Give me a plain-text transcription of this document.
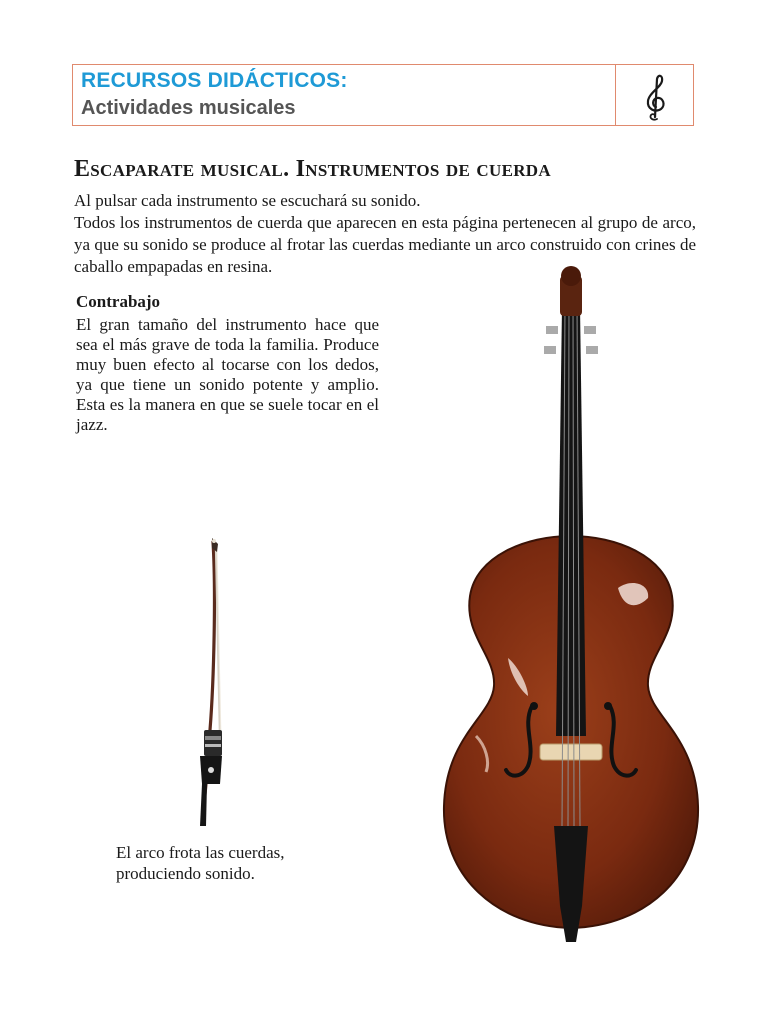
RECURSOS DIDÁCTICOS:
Actividades musicales
Escaparate musical. Instrumentos de cuerda

Al pulsar cada instrumento se escuchará su sonido.

Todos los instrumentos de cuerda que aparecen en esta página pertenecen al grupo de arco, ya que su sonido se produce al frotar las cuerdas mediante un arco construido con crines de caballo empapadas en resina.

Contrabajo

El gran tamaño del instrumento hace que sea el más grave de toda la familia. Produce muy buen efecto al tocarse con los dedos, ya que tiene un sonido potente y amplio. Esta es la manera en que se suele tocar en el jazz.

El arco frota las cuerdas,
produciendo sonido.
